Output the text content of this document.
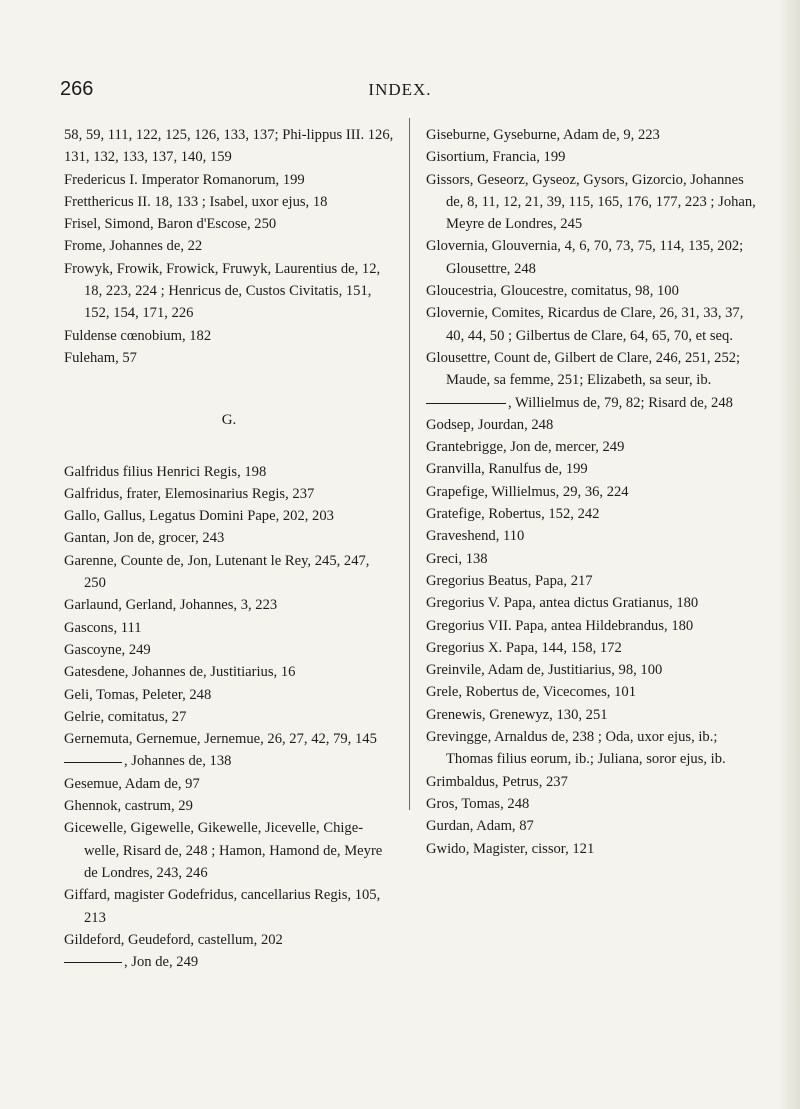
266	INDEX.
58, 59, 111, 122, 125, 126, 133, 137; Phi-lippus III. 126, 131, 132, 133, 137, 140, 159
Fredericus I. Imperator Romanorum, 199
Fretthericus II. 18, 133 ; Isabel, uxor ejus, 18
Frisel, Simond, Baron d'Escose, 250
Frome, Johannes de, 22
Frowyk, Frowik, Frowick, Fruwyk, Laurentius de, 12, 18, 223, 224 ; Henricus de, Custos Civitatis, 151, 152, 154, 171, 226
Fuldense cœnobium, 182
Fuleham, 57
G.
Galfridus filius Henrici Regis, 198
Galfridus, frater, Elemosinarius Regis, 237
Gallo, Gallus, Legatus Domini Pape, 202, 203
Gantan, Jon de, grocer, 243
Garenne, Counte de, Jon, Lutenant le Rey, 245, 247, 250
Garlaund, Gerland, Johannes, 3, 223
Gascons, 111
Gascoyne, 249
Gatesdene, Johannes de, Justitiarius, 16
Geli, Tomas, Peleter, 248
Gelrie, comitatus, 27
Gernemuta, Gernemue, Jernemue, 26, 27, 42, 79, 145
, Johannes de, 138
Gesemue, Adam de, 97
Ghennok, castrum, 29
Gicewelle, Gigewelle, Gikewelle, Jicevelle, Chige-welle, Risard de, 248 ; Hamon, Hamond de, Meyre de Londres, 243, 246
Giffard, magister Godefridus, cancellarius Regis, 105, 213
Gildeford, Geudeford, castellum, 202
, Jon de, 249
Giseburne, Gyseburne, Adam de, 9, 223
Gisortium, Francia, 199
Gissors, Geseorz, Gyseoz, Gysors, Gizorcio, Johannes de, 8, 11, 12, 21, 39, 115, 165, 176, 177, 223 ; Johan, Meyre de Londres, 245
Glovernia, Glouvernia, 4, 6, 70, 73, 75, 114, 135, 202; Glousettre, 248
Gloucestria, Gloucestre, comitatus, 98, 100
Glovernie, Comites, Ricardus de Clare, 26, 31, 33, 37, 40, 44, 50 ; Gilbertus de Clare, 64, 65, 70, et seq.
Glousettre, Count de, Gilbert de Clare, 246, 251, 252; Maude, sa femme, 251; Elizabeth, sa seur, ib.
, Willielmus de, 79, 82; Risard de, 248
Godsep, Jourdan, 248
Grantebrigge, Jon de, mercer, 249
Granvilla, Ranulfus de, 199
Grapefige, Willielmus, 29, 36, 224
Gratefige, Robertus, 152, 242
Graveshend, 110
Greci, 138
Gregorius Beatus, Papa, 217
Gregorius V. Papa, antea dictus Gratianus, 180
Gregorius VII. Papa, antea Hildebrandus, 180
Gregorius X. Papa, 144, 158, 172
Greinvile, Adam de, Justitiarius, 98, 100
Grele, Robertus de, Vicecomes, 101
Grenewis, Grenewyz, 130, 251
Grevingge, Arnaldus de, 238 ; Oda, uxor ejus, ib.; Thomas filius eorum, ib.; Juliana, soror ejus, ib.
Grimbaldus, Petrus, 237
Gros, Tomas, 248
Gurdan, Adam, 87
Gwido, Magister, cissor, 121
